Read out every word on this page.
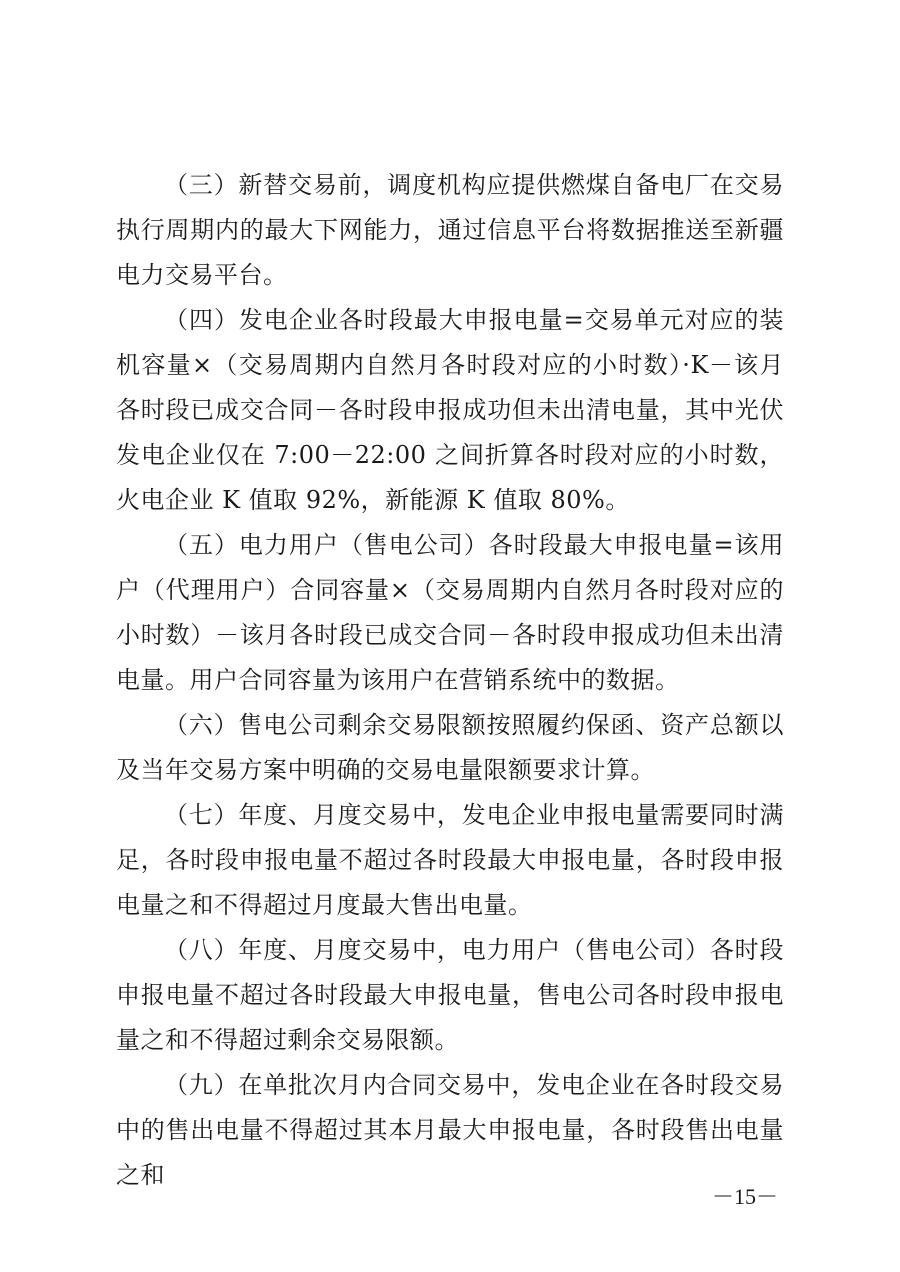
（三）新替交易前，调度机构应提供燃煤自备电厂在交易执行周期内的最大下网能力，通过信息平台将数据推送至新疆电力交易平台。

（四）发电企业各时段最大申报电量=交易单元对应的装机容量×（交易周期内自然月各时段对应的小时数）·K－该月各时段已成交合同－各时段申报成功但未出清电量，其中光伏发电企业仅在 7:00－22:00 之间折算各时段对应的小时数，火电企业 K 值取 92%，新能源 K 值取 80%。

（五）电力用户（售电公司）各时段最大申报电量=该用户（代理用户）合同容量×（交易周期内自然月各时段对应的小时数）－该月各时段已成交合同－各时段申报成功但未出清电量。用户合同容量为该用户在营销系统中的数据。

（六）售电公司剩余交易限额按照履约保函、资产总额以及当年交易方案中明确的交易电量限额要求计算。

（七）年度、月度交易中，发电企业申报电量需要同时满足，各时段申报电量不超过各时段最大申报电量，各时段申报电量之和不得超过月度最大售出电量。

（八）年度、月度交易中，电力用户（售电公司）各时段申报电量不超过各时段最大申报电量，售电公司各时段申报电量之和不得超过剩余交易限额。

（九）在单批次月内合同交易中，发电企业在各时段交易中的售出电量不得超过其本月最大申报电量，各时段售出电量之和

－15－
